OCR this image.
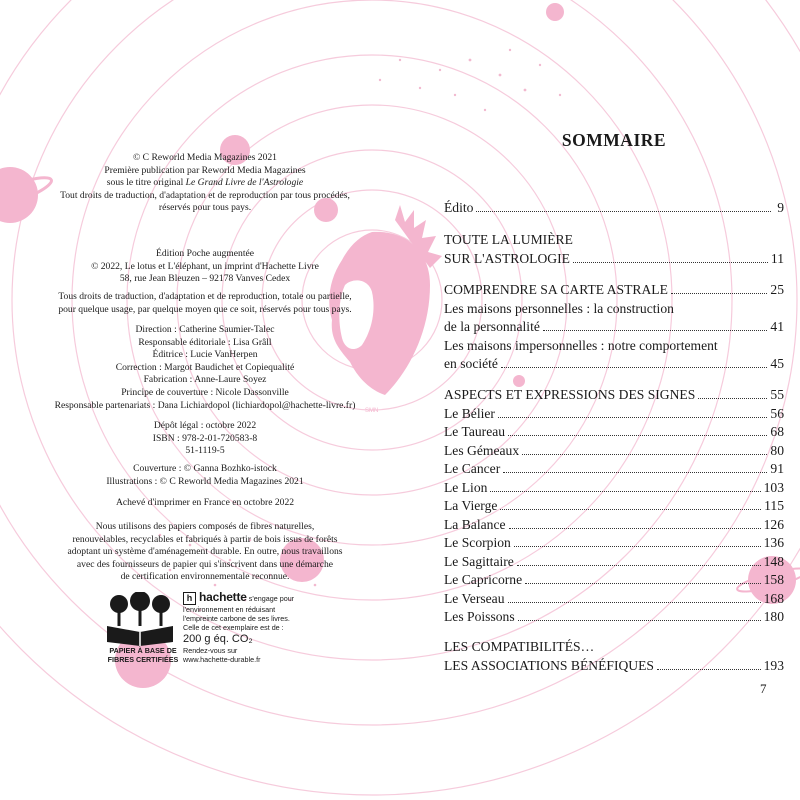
© C Reworld Media Magazines 2021
Première publication par Reworld Media Magazines
sous le titre original Le Grand Livre de l'Astrologie
Tout droits de traduction, d'adaptation et de reproduction par tous procédés,
réservés pour tous pays.
Édition Poche augmentée
© 2022, Le lotus et L'éléphant, un imprint d'Hachette Livre
58, rue Jean Bleuzen – 92178 Vanves Cedex
Tous droits de traduction, d'adaptation et de reproduction, totale ou partielle,
pour quelque usage, par quelque moyen que ce soit, réservés pour tous pays.
Direction : Catherine Saumier-Talec
Responsable éditoriale : Lisa Grâll
Éditrice : Lucie VanHerpen
Correction : Margot Baudichet et Copiequalité
Fabrication : Anne-Laure Soyez
Principe de couverture : Nicole Dassonville
Responsable partenariats : Dana Lichiardopol (lichiardopol@hachette-livre.fr)
Dépôt légal : octobre 2022
ISBN : 978-2-01-720583-8
51-1119-5
Couverture : © Ganna Bozhko-istock
Illustrations : © C Reworld Media Magazines 2021
Achevé d'imprimer en France en octobre 2022
Nous utilisons des papiers composés de fibres naturelles,
renouvelables, recyclables et fabriqués à partir de bois issus de forêts
adoptant un système d'aménagement durable. En outre, nous travaillons
avec des fournisseurs de papier qui s'inscrivent dans une démarche
de certification environnementale reconnue.
PAPIER À BASE DE
FIBRES CERTIFIÉES
h hachette s'engage pour
l'environnement en réduisant
l'empreinte carbone de ses livres.
Celle de cet exemplaire est de :
200 g éq. CO₂
Rendez-vous sur
www.hachette-durable.fr
SOMMAIRE
Édito	9
TOUTE LA LUMIÈRE
SUR L'ASTROLOGIE	11
COMPRENDRE SA CARTE ASTRALE	25
Les maisons personnelles : la construction
de la personnalité	41
Les maisons impersonnelles : notre comportement
en société	45
ASPECTS ET EXPRESSIONS DES SIGNES	55
Le Bélier	56
Le Taureau	68
Les Gémeaux	80
Le Cancer	91
Le Lion	103
La Vierge	115
La Balance	126
Le Scorpion	136
Le Sagittaire	148
Le Capricorne	158
Le Verseau	168
Les Poissons	180
LES COMPATIBILITÉS…
LES ASSOCIATIONS BÉNÉFIQUES	193
7
SMN
